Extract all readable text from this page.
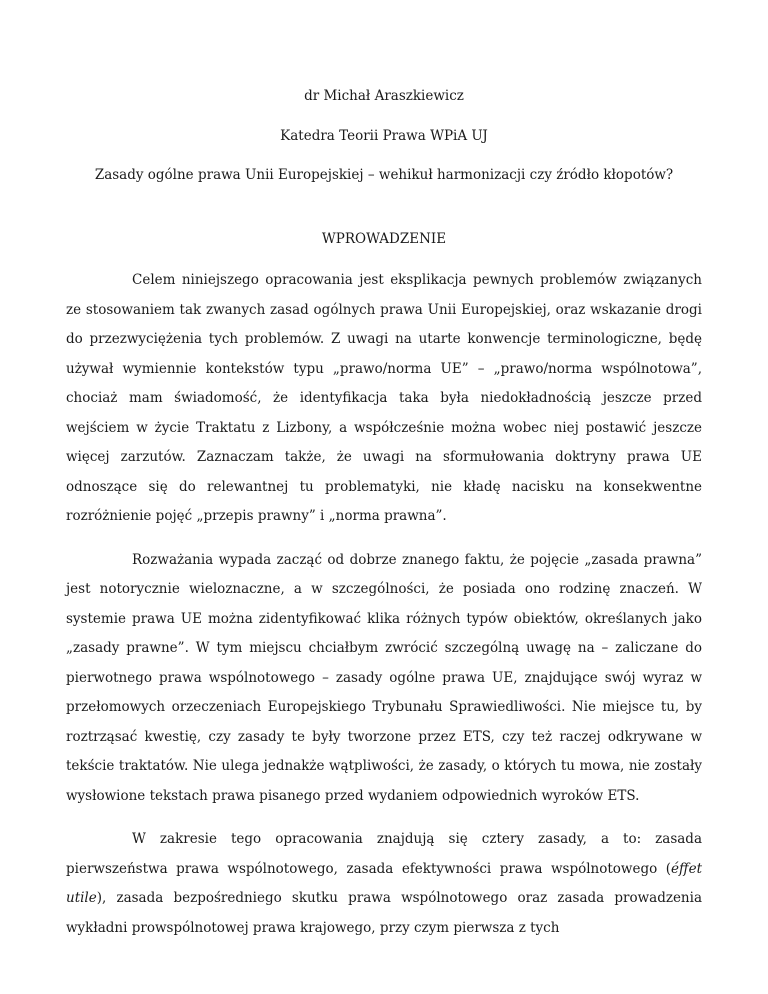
dr Michał Araszkiewicz
Katedra Teorii Prawa WPiA UJ
Zasady ogólne prawa Unii Europejskiej – wehikuł harmonizacji czy źródło kłopotów?
WPROWADZENIE

Celem niniejszego opracowania jest eksplikacja pewnych problemów związanych ze stosowaniem tak zwanych zasad ogólnych prawa Unii Europejskiej, oraz wskazanie drogi do przezwyciężenia tych problemów. Z uwagi na utarte konwencje terminologiczne, będę używał wymiennie kontekstów typu „prawo/norma UE” – „prawo/norma wspólnotowa”, chociaż mam świadomość, że identyfikacja taka była niedokładnością jeszcze przed wejściem w życie Traktatu z Lizbony, a współcześnie można wobec niej postawić jeszcze więcej zarzutów. Zaznaczam także, że uwagi na sformułowania doktryny prawa UE odnoszące się do relewantnej tu problematyki, nie kładę nacisku na konsekwentne rozróżnienie pojęć „przepis prawny” i „norma prawna”.

Rozważania wypada zacząć od dobrze znanego faktu, że pojęcie „zasada prawna” jest notorycznie wieloznaczne, a w szczególności, że posiada ono rodzinę znaczeń. W systemie prawa UE można zidentyfikować klika różnych typów obiektów, określanych jako „zasady prawne”. W tym miejscu chciałbym zwrócić szczególną uwagę na – zaliczane do pierwotnego prawa wspólnotowego – zasady ogólne prawa UE, znajdujące swój wyraz w przełomowych orzeczeniach Europejskiego Trybunału Sprawiedliwości. Nie miejsce tu, by roztrząsać kwestię, czy zasady te były tworzone przez ETS, czy też raczej odkrywane w tekście traktatów. Nie ulega jednakże wątpliwości, że zasady, o których tu mowa, nie zostały wysłowione tekstach prawa pisanego przed wydaniem odpowiednich wyroków ETS.

W zakresie tego opracowania znajdują się cztery zasady, a to: zasada pierwszeństwa prawa wspólnotowego, zasada efektywności prawa wspólnotowego (éffet utile), zasada bezpośredniego skutku prawa wspólnotowego oraz zasada prowadzenia wykładni prowspólnotowej prawa krajowego, przy czym pierwsza z tych
